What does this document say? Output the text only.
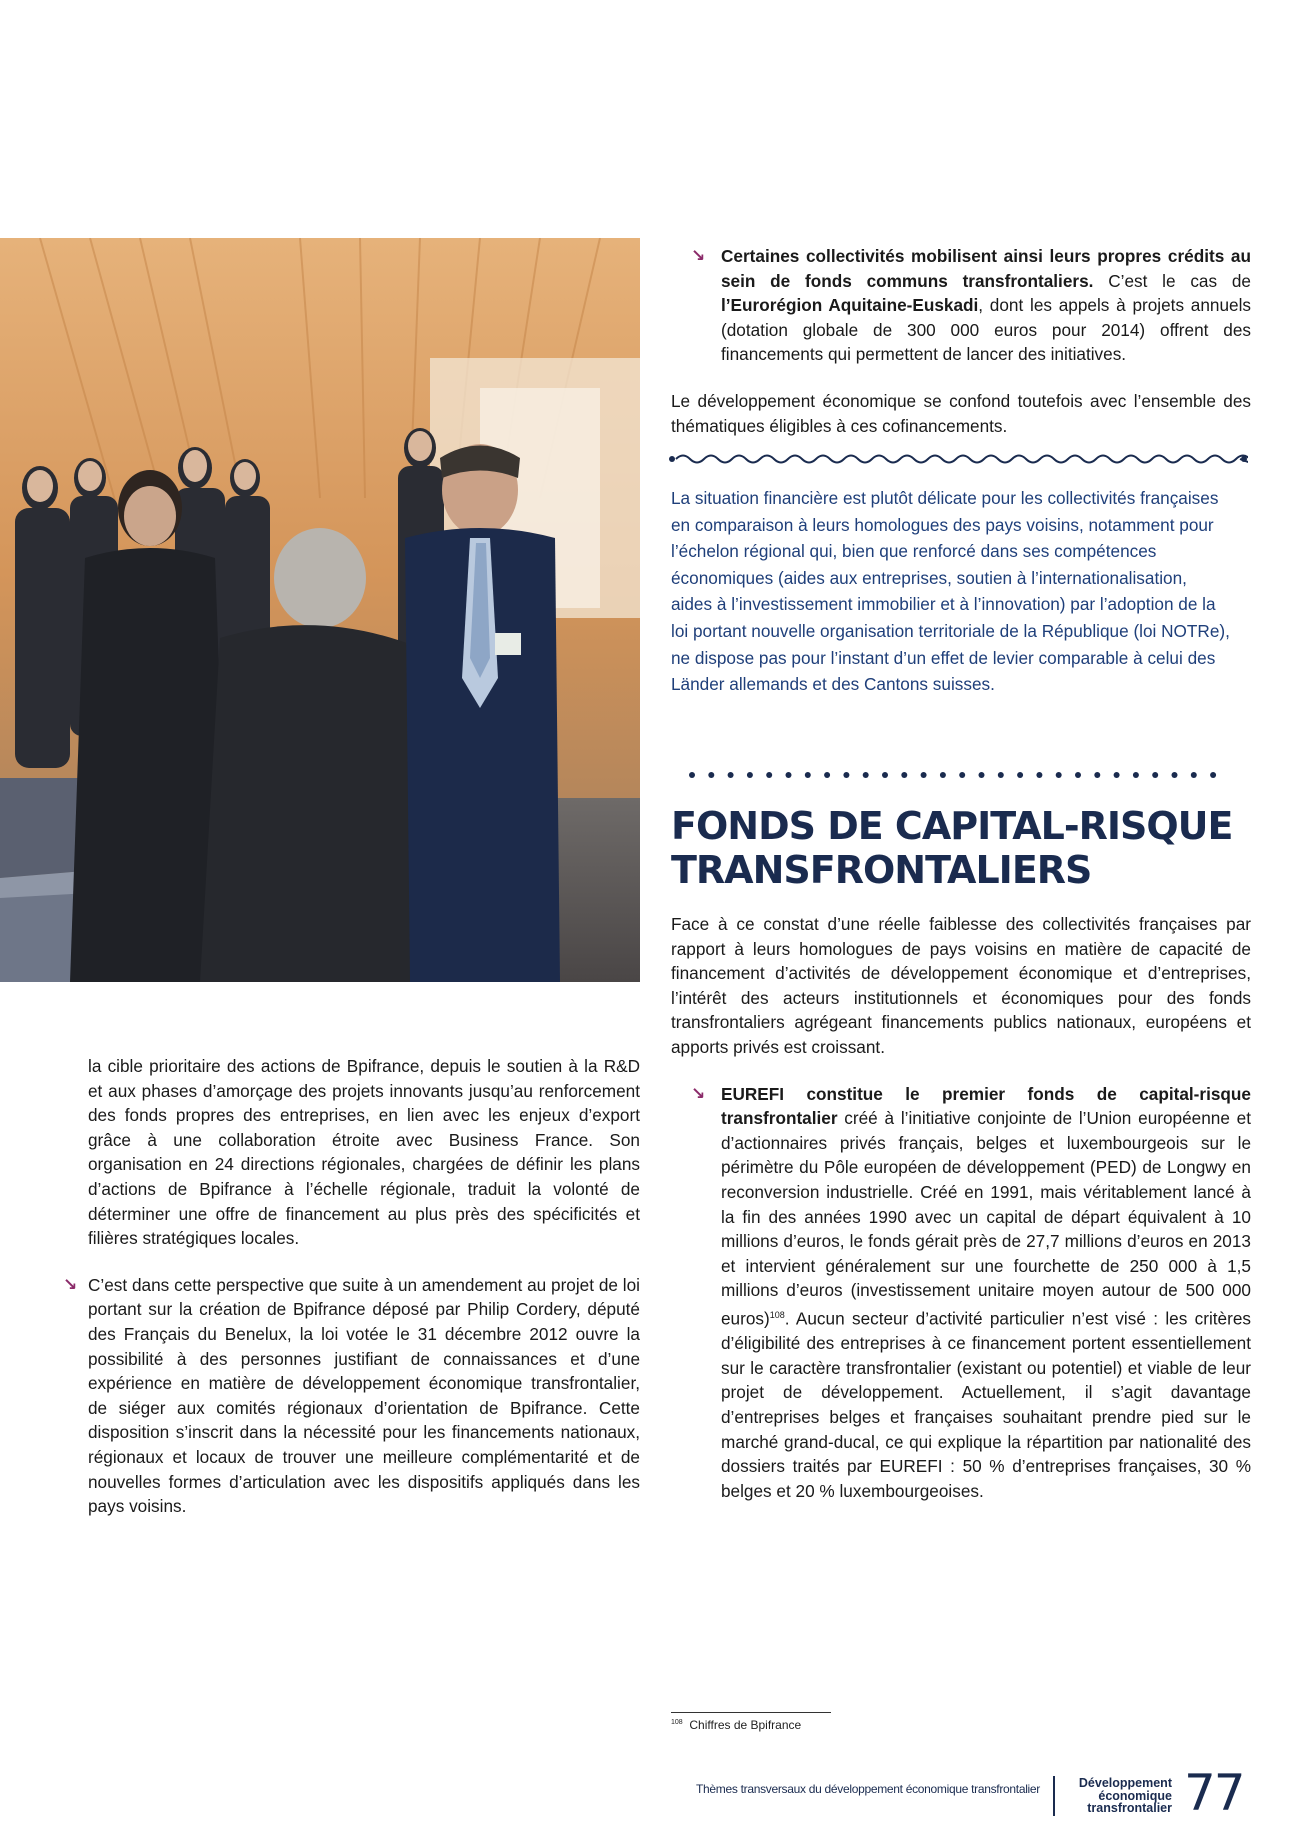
↘ Certaines collectivités mobilisent ainsi leurs propres crédits au sein de fonds communs transfrontaliers. C’est le cas de l’Eurorégion Aquitaine-Euskadi, dont les appels à projets annuels (dotation globale de 300 000 euros pour 2014) offrent des financements qui permettent de lancer des initiatives.

Le développement économique se confond toutefois avec l’ensemble des thématiques éligibles à ces cofinancements.

La situation financière est plutôt délicate pour les collectivités françaises en comparaison à leurs homologues des pays voisins, notamment pour l’échelon régional qui, bien que renforcé dans ses compétences économiques (aides aux entreprises, soutien à l’internationalisation, aides à l’investissement immobilier et à l’innovation) par l’adoption de la loi portant nouvelle organisation territoriale de la République (loi NOTRe), ne dispose pas pour l’instant d’un effet de levier comparable à celui des Länder allemands et des Cantons suisses.

FONDS DE CAPITAL-RISQUE
TRANSFRONTALIERS

Face à ce constat d’une réelle faiblesse des collectivités françaises par rapport à leurs homologues de pays voisins en matière de capacité de financement d’activités de développement économique et d’entreprises, l’intérêt des acteurs institutionnels et économiques pour des fonds transfrontaliers agrégeant financements publics nationaux, européens et apports privés est croissant.

↘ EUREFI constitue le premier fonds de capital-risque transfrontalier créé à l’initiative conjointe de l’Union européenne et d’actionnaires privés français, belges et luxembourgeois sur le périmètre du Pôle européen de développement (PED) de Longwy en reconversion industrielle. Créé en 1991, mais véritablement lancé à la fin des années 1990 avec un capital de départ équivalent à 10 millions d’euros, le fonds gérait près de 27,7 millions d’euros en 2013 et intervient généralement sur une fourchette de 250 000 à 1,5 millions d’euros (investissement unitaire moyen autour de 500 000 euros)$^{108}$. Aucun secteur d’activité particulier n’est visé : les critères d’éligibilité des entreprises à ce financement portent essentiellement sur le caractère transfrontalier (existant ou potentiel) et viable de leur projet de développement. Actuellement, il s’agit davantage d’entreprises belges et françaises souhaitant prendre pied sur le marché grand-ducal, ce qui explique la répartition par nationalité des dossiers traités par EUREFI : 50 % d’entreprises françaises, 30 % belges et 20 % luxembourgeoises.

la cible prioritaire des actions de Bpifrance, depuis le soutien à la R&D et aux phases d’amorçage des projets innovants jusqu’au renforcement des fonds propres des entreprises, en lien avec les enjeux d’export grâce à une collaboration étroite avec Business France. Son organisation en 24 directions régionales, chargées de définir les plans d’actions de Bpifrance à l’échelle régionale, traduit la volonté de déterminer une offre de financement au plus près des spécificités et filières stratégiques locales.

↘ C’est dans cette perspective que suite à un amendement au projet de loi portant sur la création de Bpifrance déposé par Philip Cordery, député des Français du Benelux, la loi votée le 31 décembre 2012 ouvre la possibilité à des personnes justifiant de connaissances et d’une expérience en matière de développement économique transfrontalier, de siéger aux comités régionaux d’orientation de Bpifrance. Cette disposition s’inscrit dans la nécessité pour les financements nationaux, régionaux et locaux de trouver une meilleure complémentarité et de nouvelles formes d’articulation avec les dispositifs appliqués dans les pays voisins.
$^{108}$ Chiffres de Bpifrance
Thèmes transversaux du développement économique transfrontalier	Développement
économique
transfrontalier 77
